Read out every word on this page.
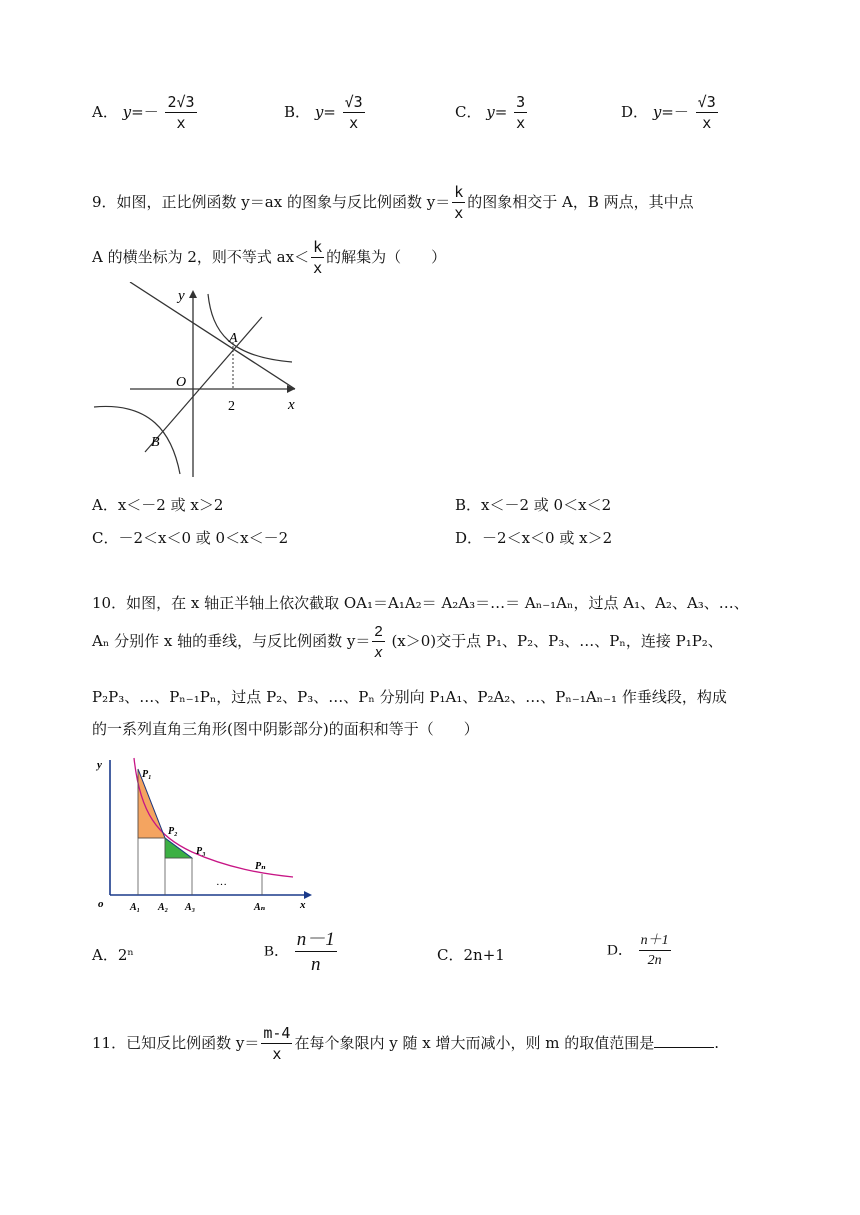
A． $y=- \frac{2√3}{x}$	B． $y= \frac{√3}{x}$	C． $y= \frac{3}{x}$	D． $y=- \frac{√3}{x}$
9．如图，正比例函数 y＝ax 的图象与反比例函数 $y= \frac{k}{x}$ 的图象相交于 A，B 两点，其中点
A 的横坐标为 2，则不等式 $ax< \frac{k}{x}$ 的解集为（　　）
y
x
O
A
B
2
A．x＜－2 或 x＞2	B．x＜－2 或 0＜x＜2
C．－2＜x＜0 或 0＜x＜－2	D．－2＜x＜0 或 x＞2
10．如图，在 x 轴正半轴上依次截取 OA₁＝A₁A₂＝ A₂A₃＝…＝ Aₙ₋₁Aₙ，过点 A₁、A₂、A₃、…、
Aₙ 分别作 x 轴的垂线，与反比例函数 $y= \frac{2}{x} (x>0)$交于点 P₁、P₂、P₃、…、Pₙ，连接 P₁P₂、
P₂P₃、…、Pₙ₋₁Pₙ，过点 P₂、P₃、…、Pₙ 分别向 P₁A₁、P₂A₂、…、Pₙ₋₁Aₙ₋₁ 作垂线段，构成
的一系列直角三角形(图中阴影部分)的面积和等于（　　）
y
o	x
P₁
P₂
P₃
Pₙ
A₁ A₂ A₃	Aₙ
…
A．2ⁿ	B． $\frac{n-1}{n}$	C．2n+1	D． $\frac{n+1}{2n}$
11．已知反比例函数 $y= \frac{m-4}{x}$ 在每个象限内 y 随 x 增大而减小，则 m 的取值范围是	.
